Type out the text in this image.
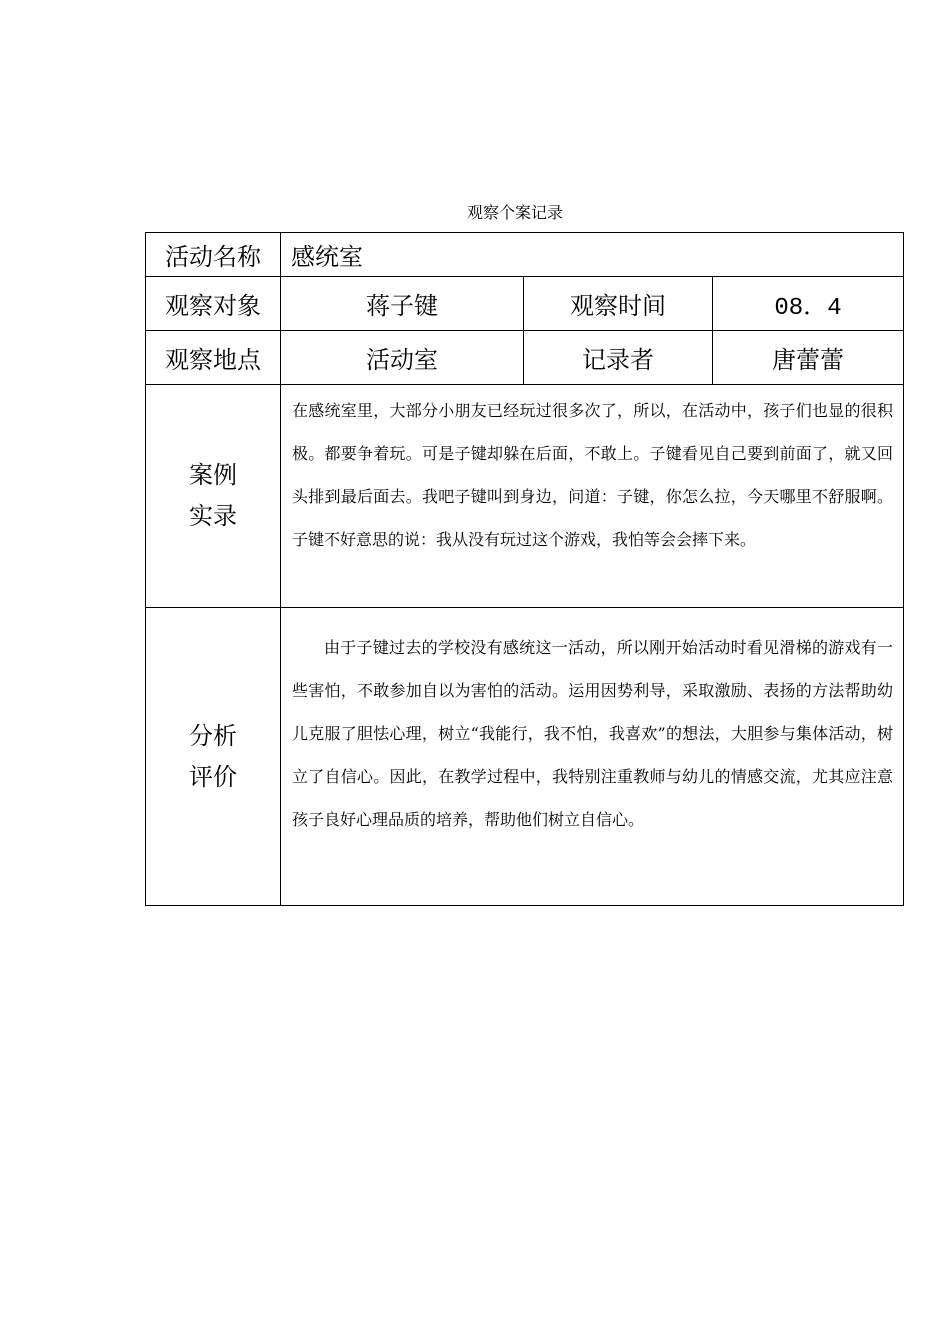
观察个案记录
活动名称	感统室		
观察对象	蒋子键	观察时间	08．4
观察地点	活动室	记录者	唐蕾蕾
案例
实录	在感统室里，大部分小朋友已经玩过很多次了，所以，在活动中，孩子们也显的很积极。都要争着玩。可是子键却躲在后面，不敢上。子键看见自己要到前面了，就又回头排到最后面去。我吧子键叫到身边，问道：子键，你怎么拉，今天哪里不舒服啊。子键不好意思的说：我从没有玩过这个游戏，我怕等会会摔下来。		
分析
评价	由于子键过去的学校没有感统这一活动，所以刚开始活动时看见滑梯的游戏有一些害怕，不敢参加自以为害怕的活动。运用因势利导，采取激励、表扬的方法帮助幼儿克服了胆怯心理，树立“我能行，我不怕，我喜欢”的想法，大胆参与集体活动，树立了自信心。因此，在教学过程中，我特别注重教师与幼儿的情感交流，尤其应注意孩子良好心理品质的培养，帮助他们树立自信心。		
